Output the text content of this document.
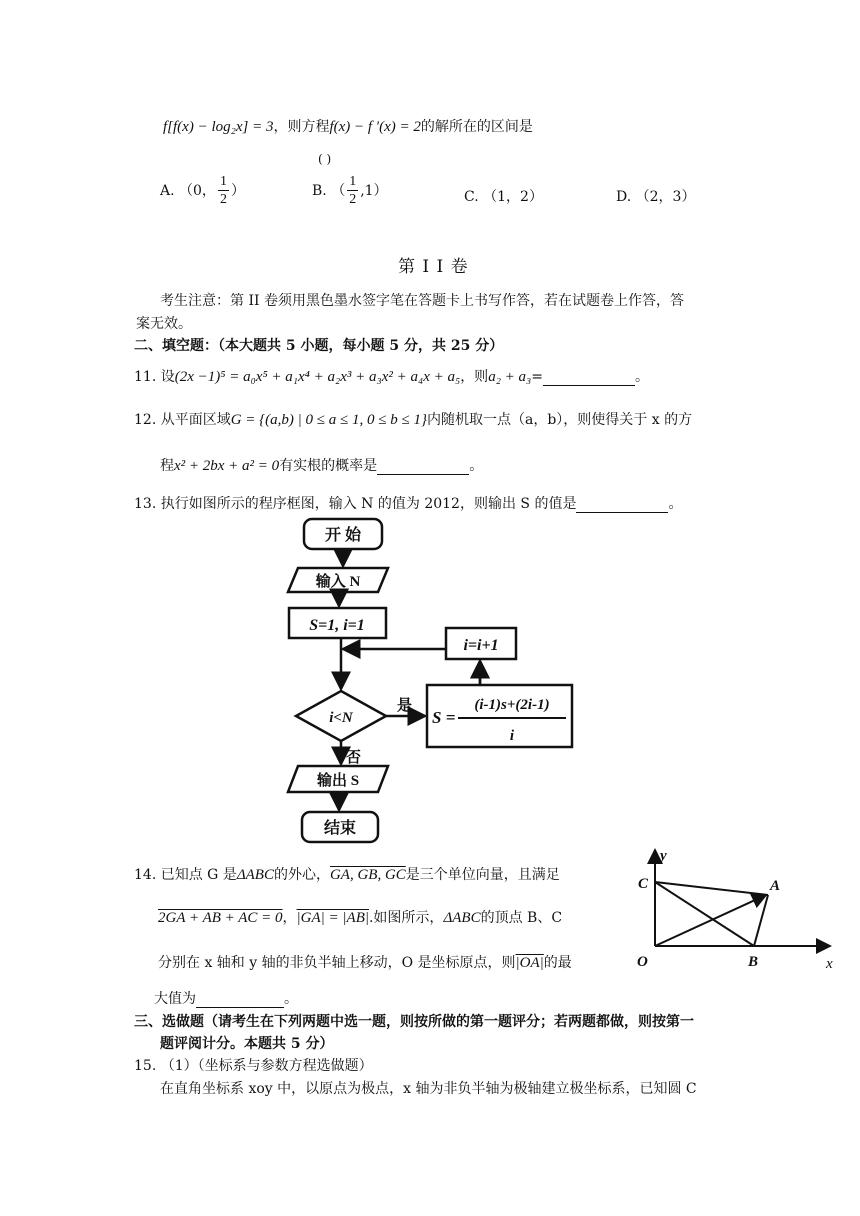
f[f(x) − log₂x] = 3，则方程f(x) − f ′(x) = 2的解所在的区间是
( )
A. （0， $\frac{1}{2}$ ）	B. （ $\frac{1}{2} ,1$）	C. （1，2）	D. （2，3）
第 I I 卷
考生注意：第 II 卷须用黑色墨水签字笔在答题卡上书写作答，若在试题卷上作答，答
案无效。
二、填空题：（本大题共 5 小题，每小题 5 分，共 25 分）
11. 设(2x −1)⁵ = a₀x⁵ + a₁x⁴ + a₂x³ + a₃x² + a₄x + a₅，则a₂ + a₃=	。
12. 从平面区域G = {(a,b) | 0 ≤ a ≤ 1, 0 ≤ b ≤ 1}内随机取一点（a，b），则使得关于 x 的方
程x² + 2bx + a² = 0有实根的概率是	。
13. 执行如图所示的程序框图，输入 N 的值为 2012，则输出 S 的值是	。
开 始
输入 N
S=1, i=1
i=i+1
i<N
是
否
S =
(i-1)s+(2i-1)
i
输出 S
结束
y
x
C	A
O	B
14. 已知点 G 是ΔABC的外心，GA, GB, GC是三个单位向量，且满足
2GA + AB + AC = 0，|GA| = |AB|.如图所示，ΔABC的顶点 B、C
分别在 x 轴和 y 轴的非负半轴上移动，O 是坐标原点，则|OA|的最
大值为	。
三、选做题（请考生在下列两题中选一题，则按所做的第一题评分；若两题都做，则按第一
题评阅计分。本题共 5 分）
15. （1）（坐标系与参数方程选做题）
在直角坐标系 xoy 中，以原点为极点，x 轴为非负半轴为极轴建立极坐标系，已知圆 C
